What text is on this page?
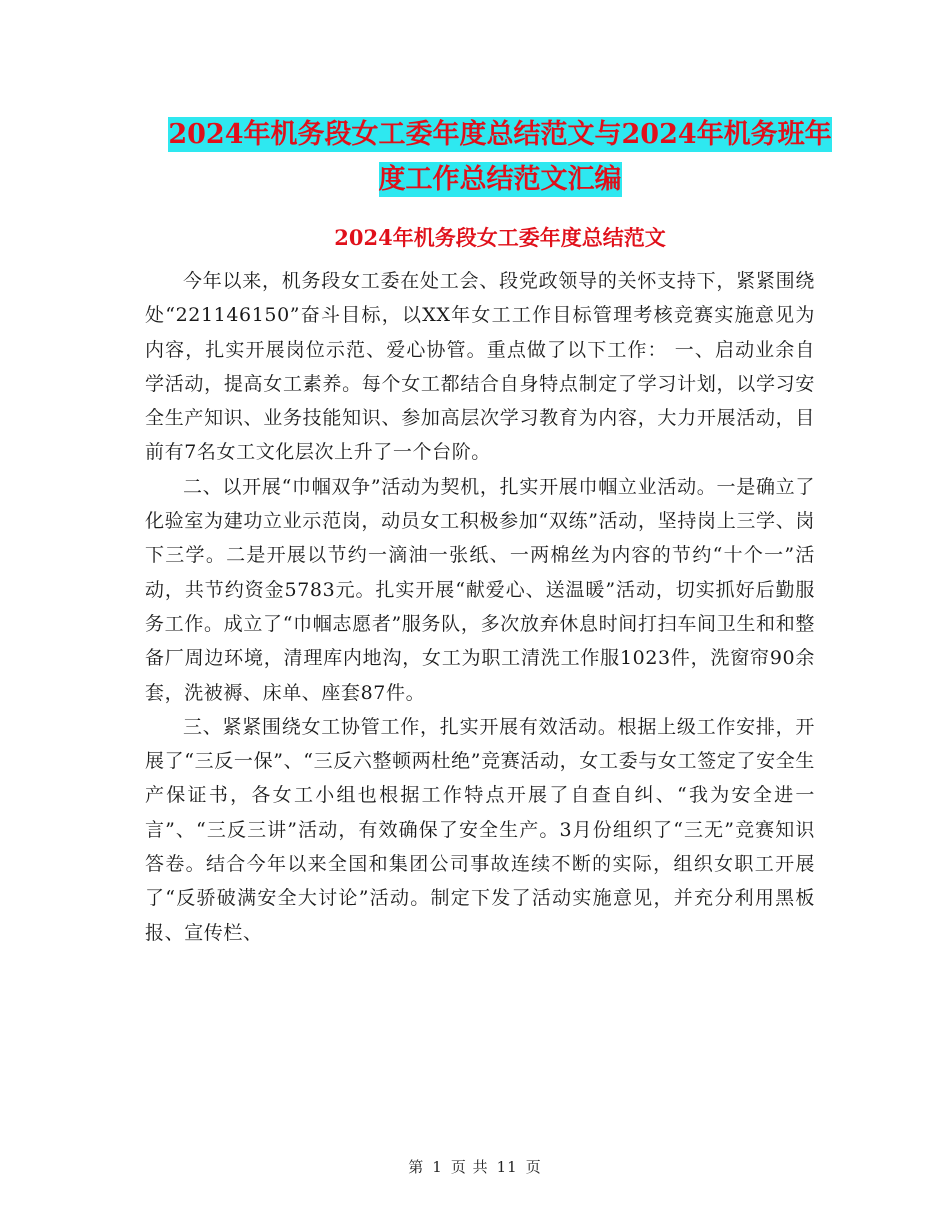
2024年机务段女工委年度总结范文与2024年机务班年
度工作总结范文汇编
2024年机务段女工委年度总结范文

今年以来，机务段女工委在处工会、段党政领导的关怀支持下，紧紧围绕处“221146150”奋斗目标，以XX年女工工作目标管理考核竞赛实施意见为内容，扎实开展岗位示范、爱心协管。重点做了以下工作： 一、启动业余自学活动，提高女工素养。每个女工都结合自身特点制定了学习计划，以学习安全生产知识、业务技能知识、参加高层次学习教育为内容，大力开展活动，目前有7名女工文化层次上升了一个台阶。

二、以开展“巾帼双争”活动为契机，扎实开展巾帼立业活动。一是确立了化验室为建功立业示范岗，动员女工积极参加“双练”活动，坚持岗上三学、岗下三学。二是开展以节约一滴油一张纸、一两棉丝为内容的节约“十个一”活动，共节约资金5783元。扎实开展“献爱心、送温暖”活动，切实抓好后勤服务工作。成立了“巾帼志愿者”服务队，多次放弃休息时间打扫车间卫生和和整备厂周边环境，清理库内地沟，女工为职工清洗工作服1023件，洗窗帘90余套，洗被褥、床单、座套87件。

三、紧紧围绕女工协管工作，扎实开展有效活动。根据上级工作安排，开展了“三反一保”、“三反六整顿两杜绝”竞赛活动，女工委与女工签定了安全生产保证书，各女工小组也根据工作特点开展了自查自纠、“我为安全进一言”、“三反三讲”活动，有效确保了安全生产。3月份组织了“三无”竞赛知识答卷。结合今年以来全国和集团公司事故连续不断的实际，组织女职工开展了“反骄破满安全大讨论”活动。制定下发了活动实施意见，并充分利用黑板报、宣传栏、

第 1 页 共 11 页
